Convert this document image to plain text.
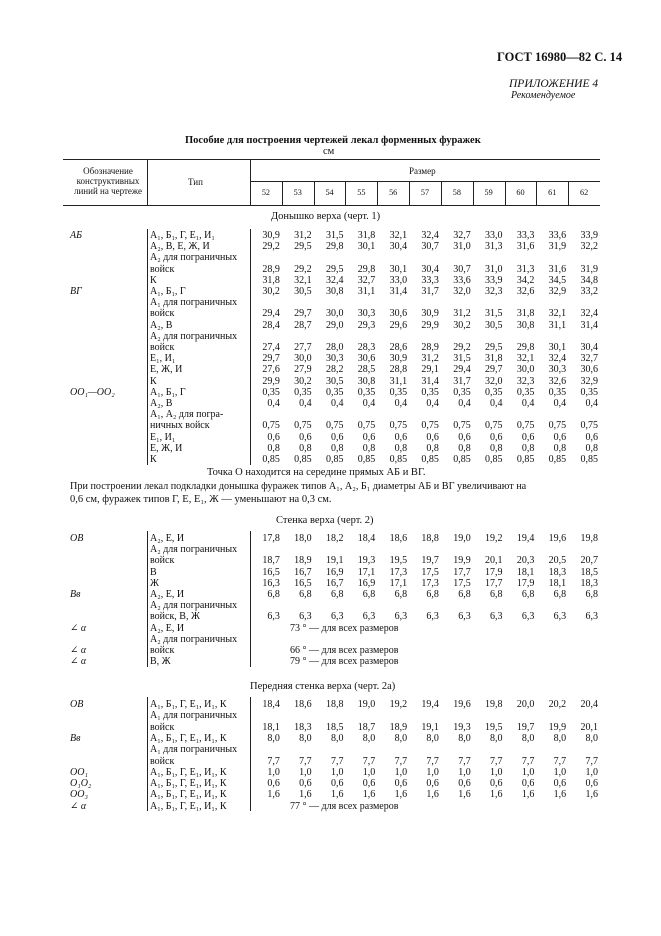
ГОСТ 16980—82 С. 14
ПРИЛОЖЕНИЕ 4
Рекомендуемое
Пособие для построения чертежей лекал форменных фуражек
см
Обозначение
конструктивных
линий на чертеже
Тип
Размер
52	53	54	55	56	57	58	59	60	61	62
Донышко верха (черт. 1)
Стенка верха (черт. 2)
Передняя стенка верха (черт. 2а)
Точка О находится на середине прямых АБ и ВГ.
При построении лекал подкладки донышка фуражек типов А₁, А₂, Б₁ диаметры АБ и ВГ увеличивают на
0,6 см, фуражек типов Г, Е, Е₁, Ж — уменьшают на 0,3 см.
АБ	А₁, Б₁, Г, Е₁, И₁	30,9	31,2	31,5	31,8	32,1	32,4	32,7	33,0	33,3	33,6	33,9
А₂, В, Е, Ж, И	29,2	29,5	29,8	30,1	30,4	30,7	31,0	31,3	31,6	31,9	32,2
А₂ для пограничных
войск	28,9	29,2	29,5	29,8	30,1	30,4	30,7	31,0	31,3	31,6	31,9
К	31,8	32,1	32,4	32,7	33,0	33,3	33,6	33,9	34,2	34,5	34,8
ВГ	А₁, Б₁, Г	30,2	30,5	30,8	31,1	31,4	31,7	32,0	32,3	32,6	32,9	33,2
А₁ для пограничных
войск	29,4	29,7	30,0	30,3	30,6	30,9	31,2	31,5	31,8	32,1	32,4
А₂, В	28,4	28,7	29,0	29,3	29,6	29,9	30,2	30,5	30,8	31,1	31,4
А₂ для пограничных
войск	27,4	27,7	28,0	28,3	28,6	28,9	29,2	29,5	29,8	30,1	30,4
Е₁, И₁	29,7	30,0	30,3	30,6	30,9	31,2	31,5	31,8	32,1	32,4	32,7
Е, Ж, И	27,6	27,9	28,2	28,5	28,8	29,1	29,4	29,7	30,0	30,3	30,6
К	29,9	30,2	30,5	30,8	31,1	31,4	31,7	32,0	32,3	32,6	32,9
ОО₁—ОО₂	А₁, Б₁, Г	0,35	0,35	0,35	0,35	0,35	0,35	0,35	0,35	0,35	0,35	0,35
А₂, В	0,4	0,4	0,4	0,4	0,4	0,4	0,4	0,4	0,4	0,4	0,4
А₁, А₂ для погра-
ничных войск	0,75	0,75	0,75	0,75	0,75	0,75	0,75	0,75	0,75	0,75	0,75
Е₁, И₁	0,6	0,6	0,6	0,6	0,6	0,6	0,6	0,6	0,6	0,6	0,6
Е, Ж, И	0,8	0,8	0,8	0,8	0,8	0,8	0,8	0,8	0,8	0,8	0,8
К	0,85	0,85	0,85	0,85	0,85	0,85	0,85	0,85	0,85	0,85	0,85
ОВ	А₂, Е, И	17,8	18,0	18,2	18,4	18,6	18,8	19,0	19,2	19,4	19,6	19,8
А₂ для пограничных
войск	18,7	18,9	19,1	19,3	19,5	19,7	19,9	20,1	20,3	20,5	20,7
В	16,5	16,7	16,9	17,1	17,3	17,5	17,7	17,9	18,1	18,3	18,5
Ж	16,3	16,5	16,7	16,9	17,1	17,3	17,5	17,7	17,9	18,1	18,3
Вв	А₂, Е, И	6,8	6,8	6,8	6,8	6,8	6,8	6,8	6,8	6,8	6,8	6,8
А₂ для пограничных
войск, В, Ж	6,3	6,3	6,3	6,3	6,3	6,3	6,3	6,3	6,3	6,3	6,3
∠ α	А₂, Е, И	73 ° — для всех размеров
А₂ для пограничных
∠ α	войск	66 ° — для всех размеров
∠ α	В, Ж	79 ° — для всех размеров
ОВ	А₁, Б₁, Г, Е₁, И₁, К	18,4	18,6	18,8	19,0	19,2	19,4	19,6	19,8	20,0	20,2	20,4
А₁ для пограничных
войск	18,1	18,3	18,5	18,7	18,9	19,1	19,3	19,5	19,7	19,9	20,1
Вв	А₁, Б₁, Г, Е₁, И₁, К	8,0	8,0	8,0	8,0	8,0	8,0	8,0	8,0	8,0	8,0	8,0
А₁ для пограничных
войск	7,7	7,7	7,7	7,7	7,7	7,7	7,7	7,7	7,7	7,7	7,7
ОО₁	А₁, Б₁, Г, Е₁, И₁, К	1,0	1,0	1,0	1,0	1,0	1,0	1,0	1,0	1,0	1,0	1,0
О₁О₂	А₁, Б₁, Г, Е₁, И₁, К	0,6	0,6	0,6	0,6	0,6	0,6	0,6	0,6	0,6	0,6	0,6
ОО₃	А₁, Б₁, Г, Е₁, И₁, К	1,6	1,6	1,6	1,6	1,6	1,6	1,6	1,6	1,6	1,6	1,6
∠ α	А₁, Б₁, Г, Е₁, И₁, К	77 ° — для всех размеров
